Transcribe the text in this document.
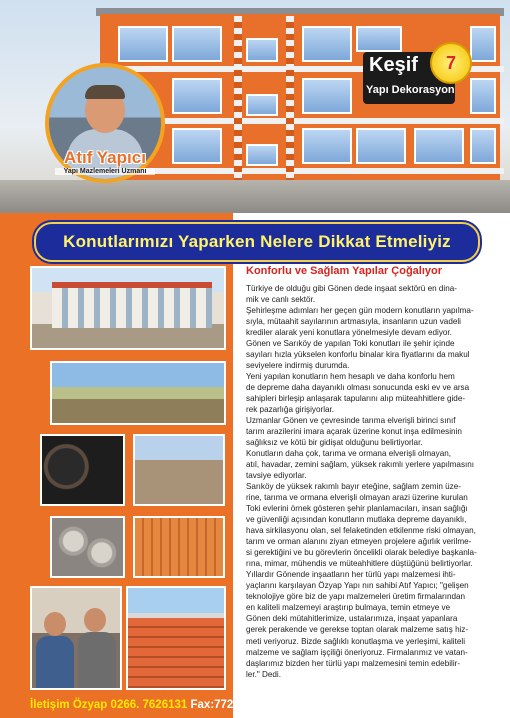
Atıf Yapıcı
Yapı Mazlemeleri Uzmanı
Keşif
Yapı Dekorasyon
7
Konutlarımızı Yaparken Nelere Dikkat Etmeliyiz
İletişim Özyap 0266. 7626131 Fax:7728574
Konforlu ve Sağlam Yapılar Çoğalıyor

Türkiye de olduğu gibi Gönen dede inşaat sektörü en dina-
mik ve canlı sektör.

Şehirleşme adımları her geçen gün modern konutların yapılma-
sıyla, mütaahit sayılarının artmasıyla, insanların uzun vadeli
krediler alarak yeni konutlara yönelmesiyle devam ediyor.

Gönen ve Sarıköy de yapılan Toki konutları ile şehir içinde
sayıları hızla yükselen konforlu binalar kira fiyatlarını da makul
seviyelere indirmiş durumda.

Yeni yapılan konutların hem hesaplı ve daha konforlu hem
de depreme daha dayanıklı olması sonucunda eski ev ve arsa
sahipleri birleşip anlaşarak tapularını alıp müteahhitlere gide-
rek pazarlığa girişiyorlar.

Uzmanlar Gönen ve çevresinde tarıma elverişli birinci sınıf
tarım arazilerini imara açarak üzerine konut inşa edilmesinin
sağlıksız ve kötü bir gidişat olduğunu belirtiyorlar.

Konutların daha çok, tarıma ve ormana elverişli olmayan,
atıl, havadar, zemini sağlam, yüksek rakımlı yerlere yapılmasını
tavsiye ediyorlar.

Sarıköy de yüksek rakımlı bayır eteğine, sağlam zemin üze-
rine, tarıma ve ormana elverişli olmayan arazi üzerine kurulan
Toki evlerini örnek gösteren şehir planlamacıları, insan sağlığı
ve güvenliği açısından konutların mutlaka depreme dayanıklı,
hava sirkilasyonu olan, sel felaketinden etkilenme riski olmayan,
tarım ve orman alanını ziyan etmeyen projelere ağırlık verilme-
si gerektiğini ve bu görevlerin öncelikli olarak belediye başkanla-
rına, mimar, mühendis ve müteahhitlere düştüğünü belirtiyorlar.

Yıllardır Gönende inşaatların her türlü yapı malzemesi ihti-
yaçlarını karşılayan Özyap Yapı nın sahibi Atıf Yapıcı; "gelişen
teknolojiye göre biz de yapı malzemeleri üretim firmalarından
en kaliteli malzemeyi araştırıp bulmaya, temin etmeye ve
Gönen deki mütahitlerimize, ustalarımıza, inşaat yapanlara
gerek perakende ve gerekse toptan olarak malzeme satış hiz-
meti veriyoruz. Bizde sağlıklı konutlaşma ve yerleşimi, kaliteli
malzeme ve sağlam işçiliği öneriyoruz. Firmalarımız ve vatan-
daşlarımız bizden her türlü yapı malzemesini temin edebilir-
ler." Dedi.
